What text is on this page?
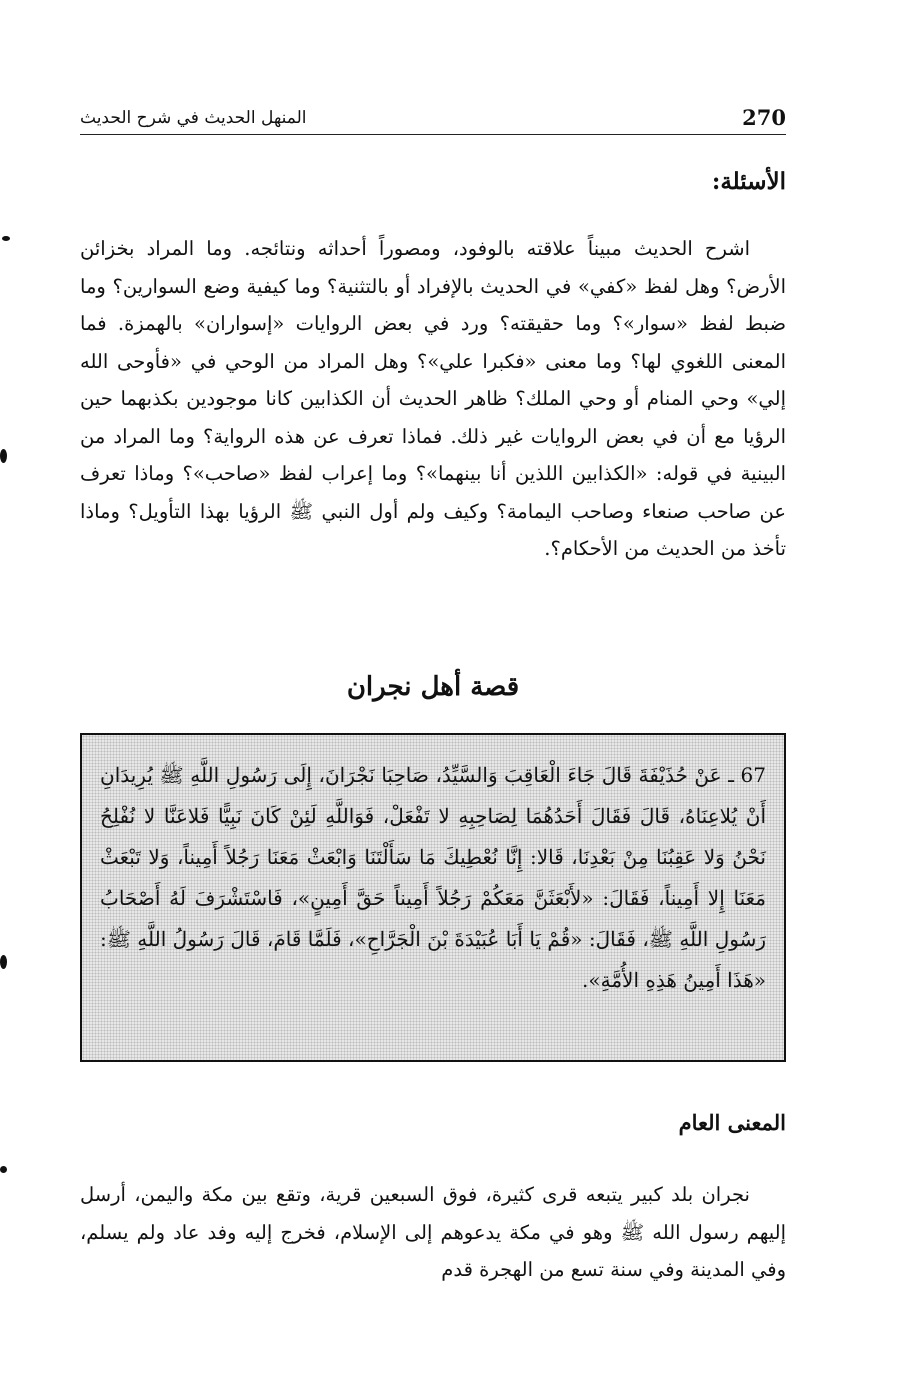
270
المنهل الحديث في شرح الحديث
الأسئلة:

اشرح الحديث مبيناً علاقته بالوفود، ومصوراً أحداثه ونتائجه. وما المراد بخزائن الأرض؟ وهل لفظ «كفي» في الحديث بالإفراد أو بالتثنية؟ وما كيفية وضع السوارين؟ وما ضبط لفظ «سوار»؟ وما حقيقته؟ ورد في بعض الروايات «إسواران» بالهمزة. فما المعنى اللغوي لها؟ وما معنى «فكبرا علي»؟ وهل المراد من الوحي في «فأوحى الله إلي» وحي المنام أو وحي الملك؟ ظاهر الحديث أن الكذابين كانا موجودين بكذبهما حين الرؤيا مع أن في بعض الروايات غير ذلك. فماذا تعرف عن هذه الرواية؟ وما المراد من البينية في قوله: «الكذابين اللذين أنا بينهما»؟ وما إعراب لفظ «صاحب»؟ وماذا تعرف عن صاحب صنعاء وصاحب اليمامة؟ وكيف ولم أول النبي ﷺ الرؤيا بهذا التأويل؟ وماذا تأخذ من الحديث من الأحكام؟.

قصة أهل نجران

67 ـ عَنْ حُذَيْفَةَ قَالَ جَاءَ الْعَاقِبَ وَالسَّيِّدُ، صَاحِبَا نَجْرَانَ، إِلَى رَسُولِ اللَّهِ ﷺ يُرِيدَانِ أَنْ يُلاعِنَاهُ، قَالَ فَقَالَ أَحَدُهُمَا لِصَاحِبِهِ لا تَفْعَلْ، فَوَاللَّهِ لَئِنْ كَانَ نَبِيًّا فَلاعَنَّا لا نُفْلِحُ نَحْنُ وَلا عَقِبُنَا مِنْ بَعْدِنَا، قَالا: إِنَّا نُعْطِيكَ مَا سَأَلْتَنَا وَابْعَثْ مَعَنَا رَجُلاً أَمِيناً، وَلا تَبْعَثْ مَعَنَا إِلا أَمِيناً، فَقَالَ: «لأَبْعَثَنَّ مَعَكُمْ رَجُلاً أَمِيناً حَقَّ أَمِينٍ»، فَاسْتَشْرَفَ لَهُ أَصْحَابُ رَسُولِ اللَّهِ ﷺ، فَقَالَ: «قُمْ يَا أَبَا عُبَيْدَةَ بْنَ الْجَرَّاحِ»، فَلَمَّا قَامَ، قَالَ رَسُولُ اللَّهِ ﷺ: «هَذَا أَمِينُ هَذِهِ الأُمَّةِ».

المعنى العام

نجران بلد كبير يتبعه قرى كثيرة، فوق السبعين قرية، وتقع بين مكة واليمن، أرسل إليهم رسول الله ﷺ وهو في مكة يدعوهم إلى الإسلام، فخرج إليه وفد عاد ولم يسلم، وفي المدينة وفي سنة تسع من الهجرة قدم
